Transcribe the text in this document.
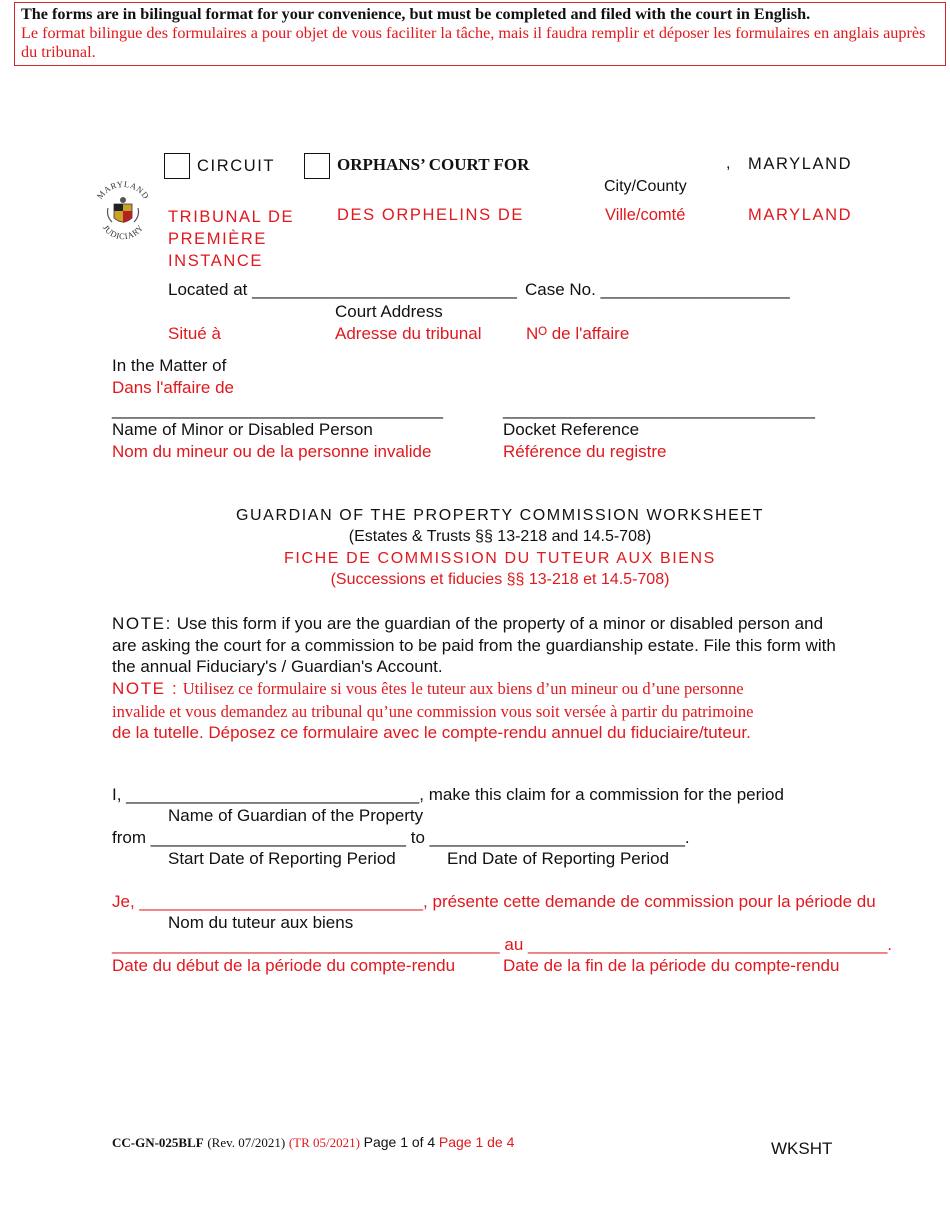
The forms are in bilingual format for your convenience, but must be completed and filed with the court in English.
Le format bilingue des formulaires a pour objet de vous faciliter la tâche, mais il faudra remplir et déposer les formulaires en anglais auprès du tribunal.
CIRCUIT	ORPHANS’ COURT FOR	, MARYLAND
City/County
MARYLAND
JUDICIARY
TRIBUNAL DE
PREMIÈRE
INSTANCE
DES ORPHELINS DE	Ville/comté	MARYLAND
Located at ____________________________ Case No. ____________________
Court Address
Situé à	Adresse du tribunal	Nᴼ de l'affaire
In the Matter of
Dans l'affaire de
___________________________________	_________________________________
Name of Minor or Disabled Person	Docket Reference
Nom du mineur ou de la personne invalide	Référence du registre
GUARDIAN OF THE PROPERTY COMMISSION WORKSHEET
(Estates & Trusts §§ 13-218 and 14.5-708)
FICHE DE COMMISSION DU TUTEUR AUX BIENS
(Successions et fiducies §§ 13-218 et 14.5-708)
NOTE: Use this form if you are the guardian of the property of a minor or disabled person and
are asking the court for a commission to be paid from the guardianship estate. File this form with
the annual Fiduciary's / Guardian's Account.
NOTE : Utilisez ce formulaire si vous êtes le tuteur aux biens d’un mineur ou d’une personne
invalide et vous demandez au tribunal qu’une commission vous soit versée à partir du patrimoine
de la tutelle. Déposez ce formulaire avec le compte-rendu annuel du fiduciaire/tuteur.
I, _______________________________, make this claim for a commission for the period
Name of Guardian of the Property
from ___________________________ to ___________________________.
Start Date of Reporting Period	End Date of Reporting Period
Je, ______________________________, présente cette demande de commission pour la période du
Nom du tuteur aux biens
_________________________________________ au ______________________________________.
Date du début de la période du compte-rendu	Date de la fin de la période du compte-rendu
CC-GN-025BLF (Rev. 07/2021) (TR 05/2021) Page 1 of 4 Page 1 de 4	WKSHT
